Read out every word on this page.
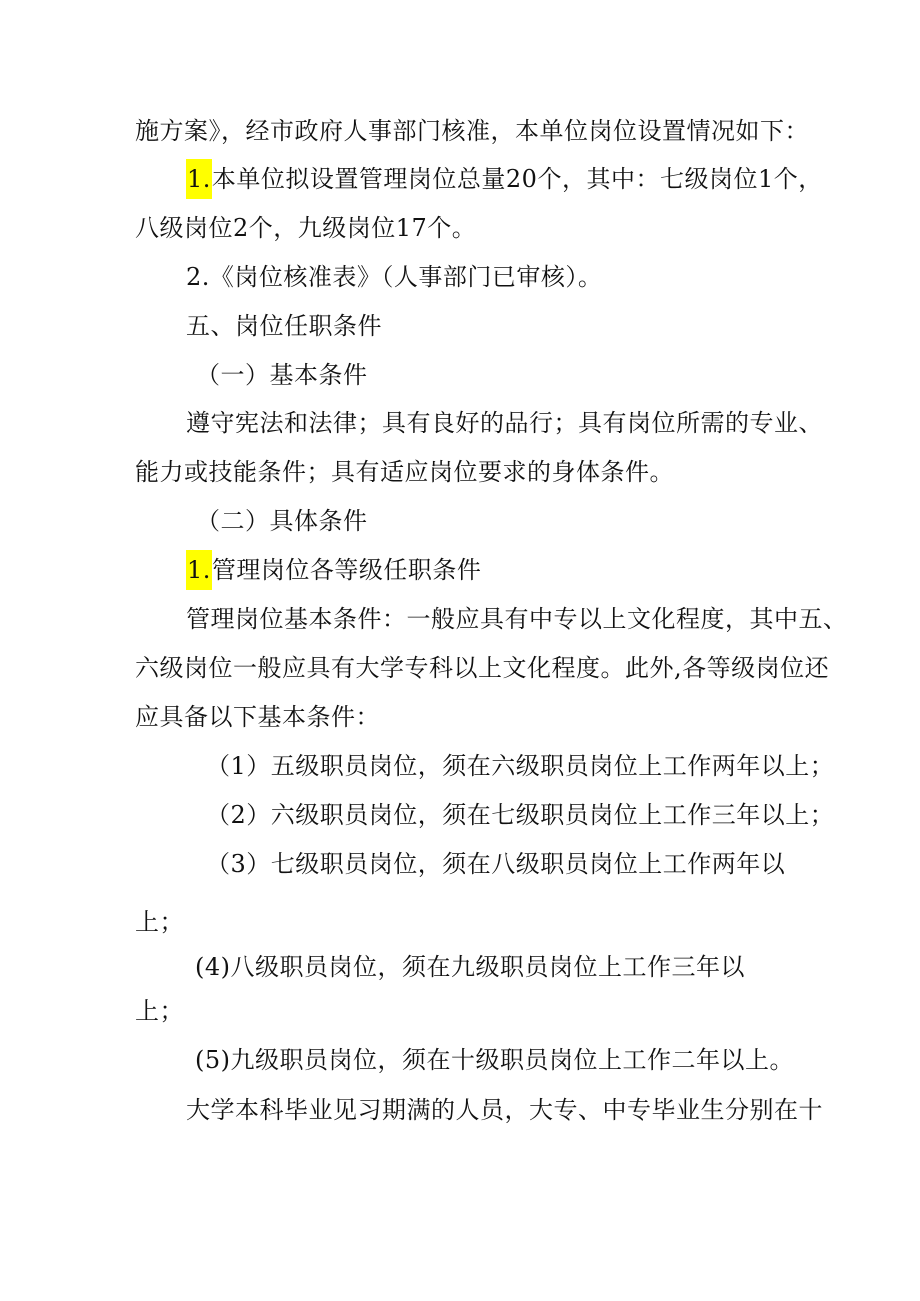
施方案》，经市政府人事部门核准，本单位岗位设置情况如下：
1.本单位拟设置管理岗位总量20个，其中：七级岗位1个，
八级岗位2个，九级岗位17个。
2.《岗位核准表》（人事部门已审核）。
五、岗位任职条件
（一）基本条件
遵守宪法和法律；具有良好的品行；具有岗位所需的专业、
能力或技能条件；具有适应岗位要求的身体条件。
（二）具体条件
1.管理岗位各等级任职条件
管理岗位基本条件：一般应具有中专以上文化程度，其中五、
六级岗位一般应具有大学专科以上文化程度。此外,各等级岗位还
应具备以下基本条件：
（1）五级职员岗位，须在六级职员岗位上工作两年以上；
（2）六级职员岗位，须在七级职员岗位上工作三年以上；
（3）七级职员岗位，须在八级职员岗位上工作两年以
上；
(4)八级职员岗位，须在九级职员岗位上工作三年以
上；
(5)九级职员岗位，须在十级职员岗位上工作二年以上。
大学本科毕业见习期满的人员，大专、中专毕业生分别在十
